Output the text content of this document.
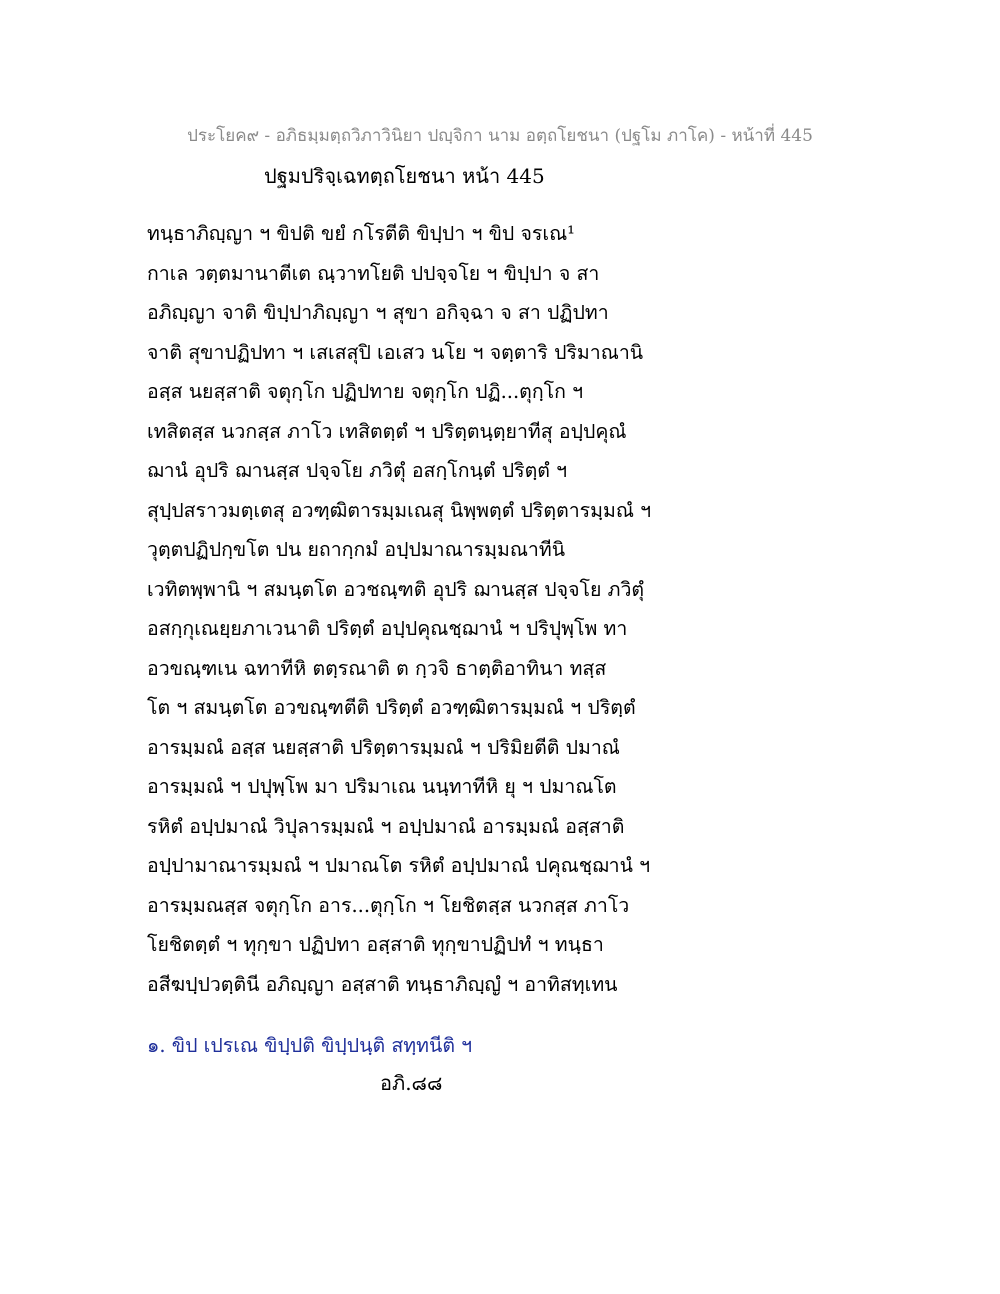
ประโยค๙ - อภิธมฺมตฺถวิภาวินิยา ปญฺจิกา นาม อตฺถโยชนา (ปฐโม ภาโค) - หน้าที่ 445
ปฐมปริจฺเฉทตฺถโยชนา หน้า 445
ทนฺธาภิญฺญา ฯ ขิปติ ขยํ กโรตีติ ขิปฺปา ฯ ขิป จรเณ¹
กาเล วตฺตมานาตีเต ณฺวาทโยติ ปปจฺจโย ฯ ขิปฺปา จ สา
อภิญฺญา จาติ ขิปฺปาภิญฺญา ฯ สุขา อกิจฺฉา จ สา ปฏิปทา
จาติ สุขาปฏิปทา ฯ เสเสสุปิ เอเสว นโย ฯ จตฺตาริ ปริมาณานิ
อสฺส นยสฺสาติ จตุกฺโก ปฏิปทาย จตุกฺโก ปฏิ...ตุกฺโก ฯ
เทสิตสฺส นวกสฺส ภาโว เทสิตตฺตํ ฯ ปริตฺตนฺตฺยาทีสุ อปฺปคุณํ
ฌานํ อุปริ ฌานสฺส ปจฺจโย ภวิตุํ อสกฺโกนฺตํ ปริตฺตํ ฯ
สุปฺปสราวมตฺเตสุ อวฑฺฒิตารมฺมเณสุ นิพฺพตฺตํ ปริตฺตารมฺมณํ ฯ
วุตฺตปฏิปกฺขโต ปน ยถากฺกมํ อปฺปมาณารมฺมณาทีนิ
เวทิตพฺพานิ ฯ สมนฺตโต อวชณฺฑติ อุปริ ฌานสฺส ปจฺจโย ภวิตุํ
อสกฺกุเณยฺยภาเวนาติ ปริตฺตํ อปฺปคุณชฺฌานํ ฯ ปริปุพฺโพ ทา
อวขณฺฑเน ฉทาทีหิ ตตฺรณาติ ต กฺวจิ ธาตฺติอาทินา ทสฺส
โต ฯ สมนฺตโต อวขณฺฑตีติ ปริตฺตํ อวฑฺฒิตารมฺมณํ ฯ ปริตฺตํ
อารมฺมณํ อสฺส นยสฺสาติ ปริตฺตารมฺมณํ ฯ ปริมิยตีติ ปมาณํ
อารมฺมณํ ฯ ปปุพฺโพ มา ปริมาเณ นนฺทาทีหิ ยุ ฯ ปมาณโต
รหิตํ อปฺปมาณํ วิปุลารมฺมณํ ฯ อปฺปมาณํ อารมฺมณํ อสฺสาติ
อปฺปามาณารมฺมณํ ฯ ปมาณโต รหิตํ อปฺปมาณํ ปคุณชฺฌานํ ฯ
อารมฺมณสฺส จตุกฺโก อาร...ตุกฺโก ฯ โยชิตสฺส นวกสฺส ภาโว
โยชิตตฺตํ ฯ ทุกฺขา ปฏิปทา อสฺสาติ ทุกฺขาปฏิปทํ ฯ ทนฺธา
อสีฆปฺปวตฺตินี อภิญฺญา อสฺสาติ ทนฺธาภิญฺญํ ฯ อาทิสทฺเทน
๑. ขิป เปรเณ ขิปฺปติ ขิปฺปนฺติ สทฺทนีติ ฯ
อภิ.๘๘
